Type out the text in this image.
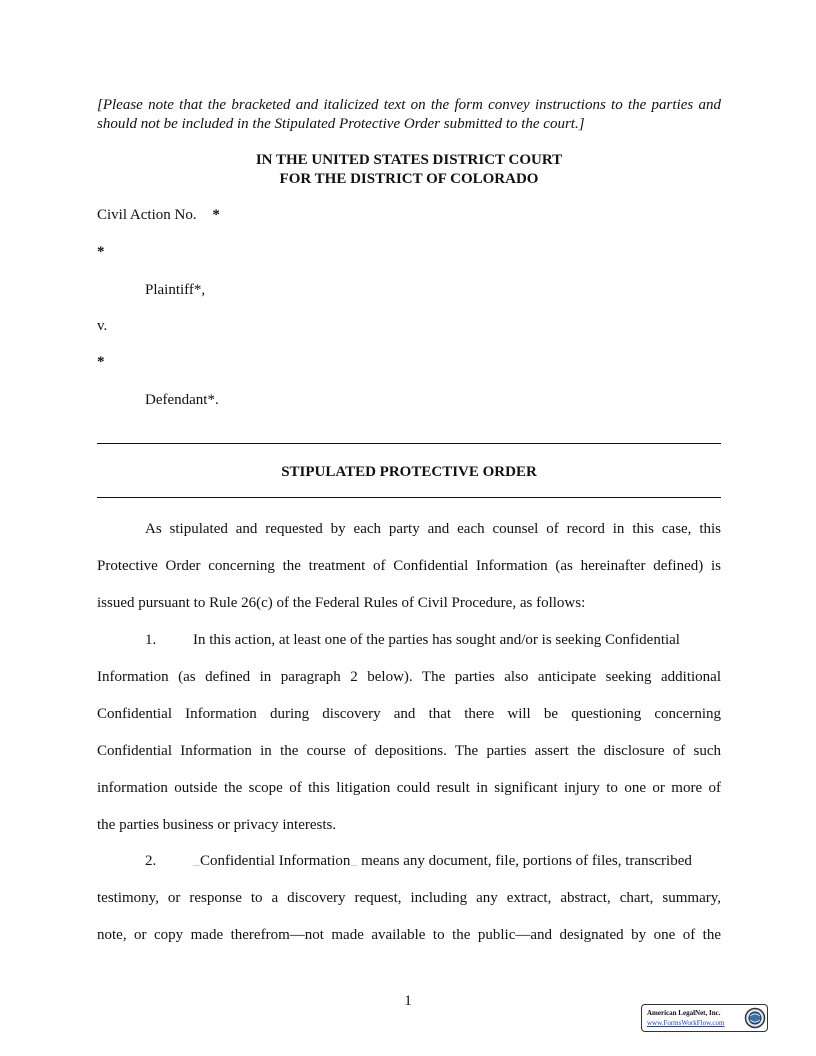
[Please note that the bracketed and italicized text on the form convey instructions to the parties and should not be included in the Stipulated Protective Order submitted to the court.]
IN THE UNITED STATES DISTRICT COURT
FOR THE DISTRICT OF COLORADO
Civil Action No. *
*
Plaintiff*,
v.
*
Defendant*.
STIPULATED PROTECTIVE ORDER
As stipulated and requested by each party and each counsel of record in this case, this
Protective Order concerning the treatment of Confidential Information (as hereinafter defined) is
issued pursuant to Rule 26(c) of the Federal Rules of Civil Procedure, as follows:
1. In this action, at least one of the parties has sought and/or is seeking Confidential
Information (as defined in paragraph 2 below). The parties also anticipate seeking additional
Confidential Information during discovery and that there will be questioning concerning
Confidential Information in the course of depositions. The parties assert the disclosure of such
information outside the scope of this litigation could result in significant injury to one or more of
the parties business or privacy interests.
2.	__Confidential Information__ means any document, file, portions of files, transcribed
testimony, or response to a discovery request, including any extract, abstract, chart, summary,
note, or copy made therefrom—not made available to the public—and designated by one of the
1
American LegalNet, Inc.
www.FormsWorkFlow.com
